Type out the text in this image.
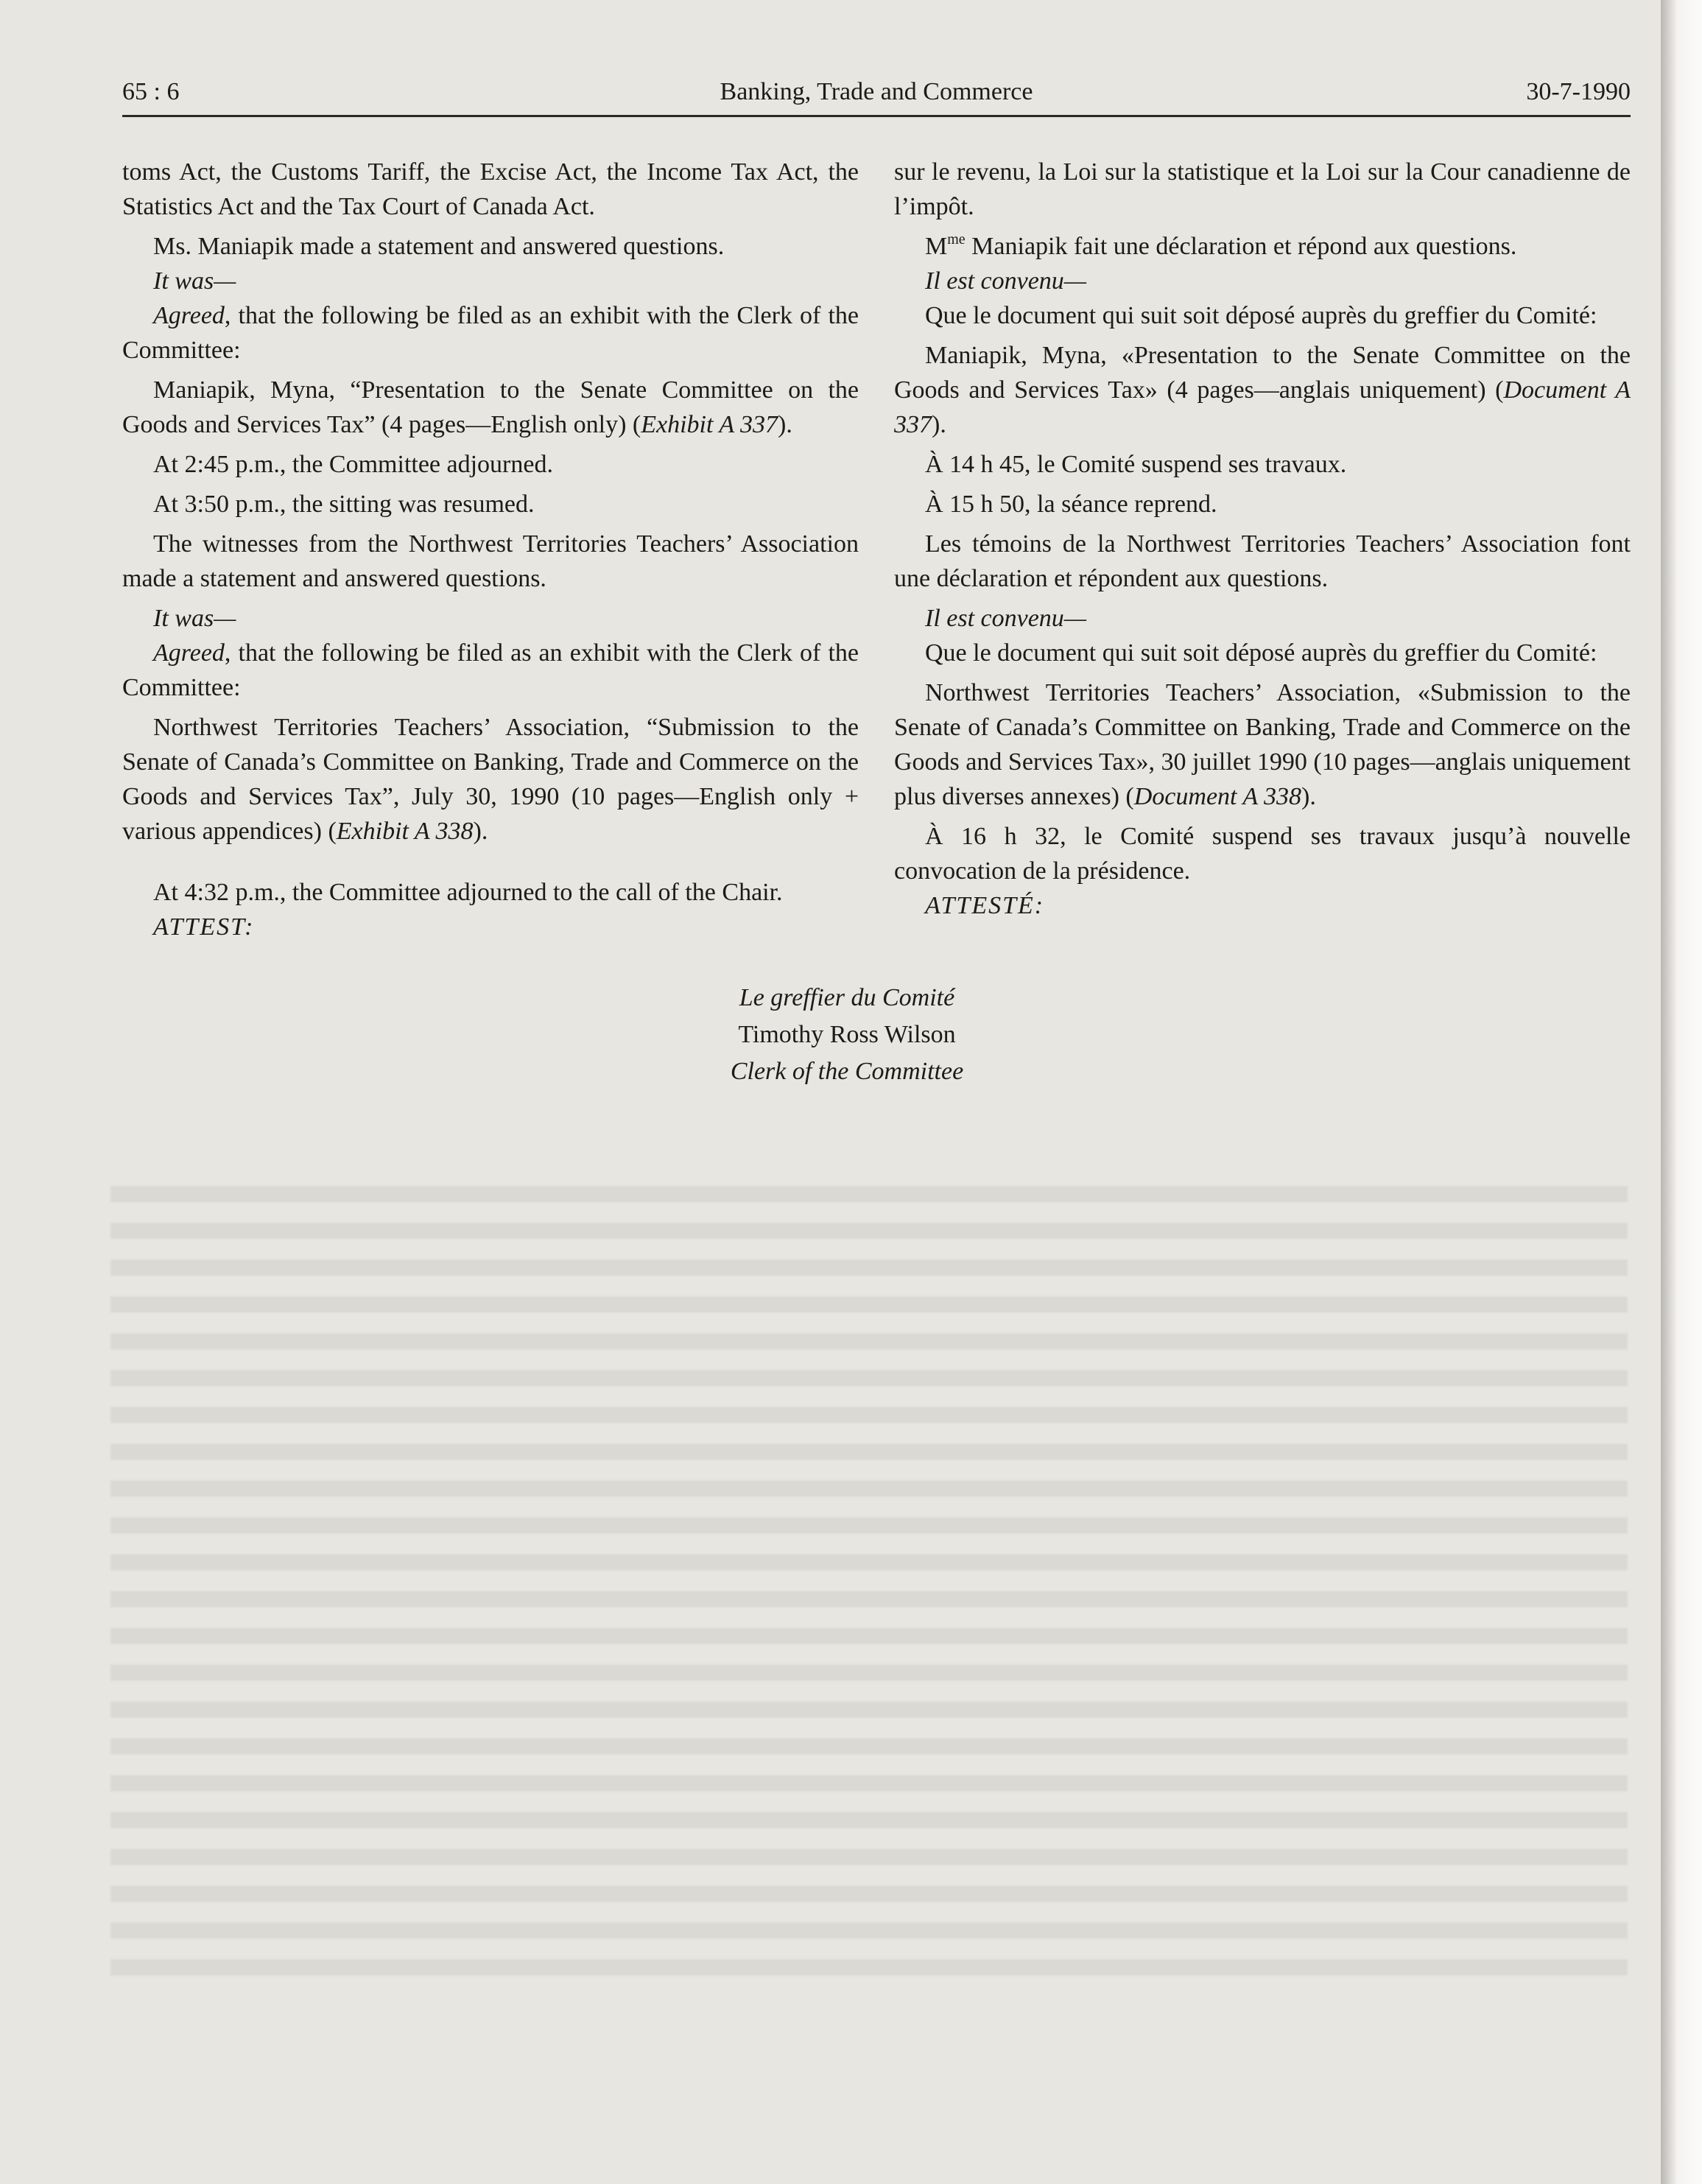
65 : 6	Banking, Trade and Commerce	30-7-1990

toms Act, the Customs Tariff, the Excise Act, the Income Tax Act, the Statistics Act and the Tax Court of Canada Act.

Ms. Maniapik made a statement and answered questions.

It was—

Agreed, that the following be filed as an exhibit with the Clerk of the Committee:

Maniapik, Myna, “Presentation to the Senate Committee on the Goods and Services Tax” (4 pages—English only) (Exhibit A 337).

At 2:45 p.m., the Committee adjourned.

At 3:50 p.m., the sitting was resumed.

The witnesses from the Northwest Territories Teachers’ Association made a statement and answered questions.

It was—

Agreed, that the following be filed as an exhibit with the Clerk of the Committee:

Northwest Territories Teachers’ Association, “Submission to the Senate of Canada’s Committee on Banking, Trade and Commerce on the Goods and Services Tax”, July 30, 1990 (10 pages—English only + various appendices) (Exhibit A 338).

At 4:32 p.m., the Committee adjourned to the call of the Chair.

ATTEST:

sur le revenu, la Loi sur la statistique et la Loi sur la Cour canadienne de l’impôt.

$M^{me}$ Maniapik fait une déclaration et répond aux questions.

Il est convenu—

Que le document qui suit soit déposé auprès du greffier du Comité:

Maniapik, Myna, «Presentation to the Senate Committee on the Goods and Services Tax» (4 pages—anglais uniquement) (Document A 337).

À 14 h 45, le Comité suspend ses travaux.

À 15 h 50, la séance reprend.

Les témoins de la Northwest Territories Teachers’ Association font une déclaration et répondent aux questions.

Il est convenu—

Que le document qui suit soit déposé auprès du greffier du Comité:

Northwest Territories Teachers’ Association, «Submission to the Senate of Canada’s Committee on Banking, Trade and Commerce on the Goods and Services Tax», 30 juillet 1990 (10 pages—anglais uniquement plus diverses annexes) (Document A 338).

À 16 h 32, le Comité suspend ses travaux jusqu’à nouvelle convocation de la présidence.

ATTESTÉ:

Le greffier du Comité
Timothy Ross Wilson
Clerk of the Committee
